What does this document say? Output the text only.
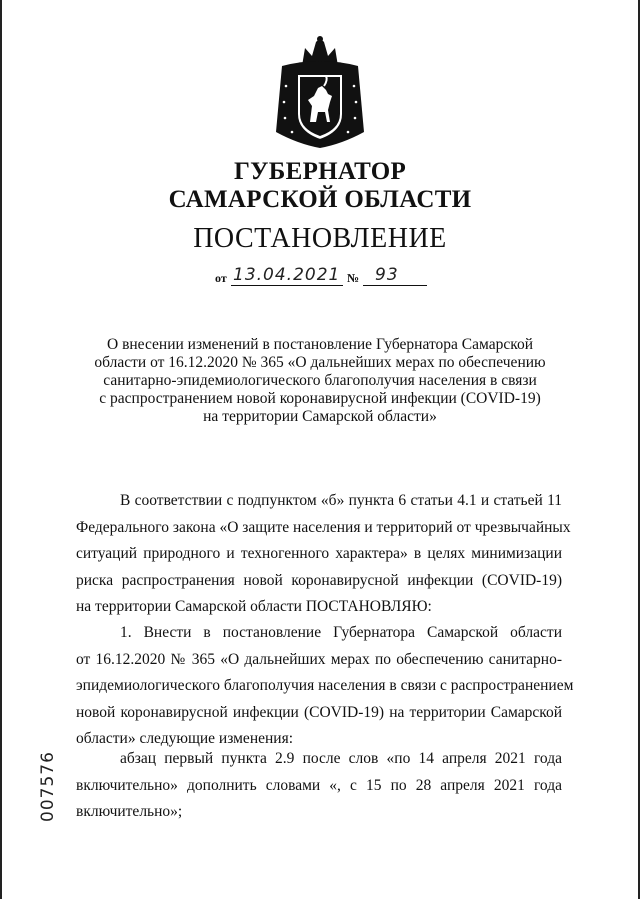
ГУБЕРНАТОР
САМАРСКОЙ ОБЛАСТИ
ПОСТАНОВЛЕНИЕ
от 13.04.2021 № 93
О внесении изменений в постановление Губернатора Самарской
области от 16.12.2020 № 365 «О дальнейших мерах по обеспечению
санитарно-эпидемиологического благополучия населения в связи
с распространением новой коронавирусной инфекции (COVID-19)
на территории Самарской области»
В соответствии с подпунктом «б» пункта 6 статьи 4.1 и статьей 11
Федерального закона «О защите населения и территорий от чрезвычайных
ситуаций природного и техногенного характера» в целях минимизации
риска распространения новой коронавирусной инфекции (COVID-19)
на территории Самарской области ПОСТАНОВЛЯЮ:
1. Внести в постановление Губернатора Самарской области
от 16.12.2020 № 365 «О дальнейших мерах по обеспечению санитарно-
эпидемиологического благополучия населения в связи с распространением
новой коронавирусной инфекции (COVID-19) на территории Самарской
области» следующие изменения:
абзац первый пункта 2.9 после слов «по 14 апреля 2021 года
включительно» дополнить словами «, с 15 по 28 апреля 2021 года
включительно»;
007576
